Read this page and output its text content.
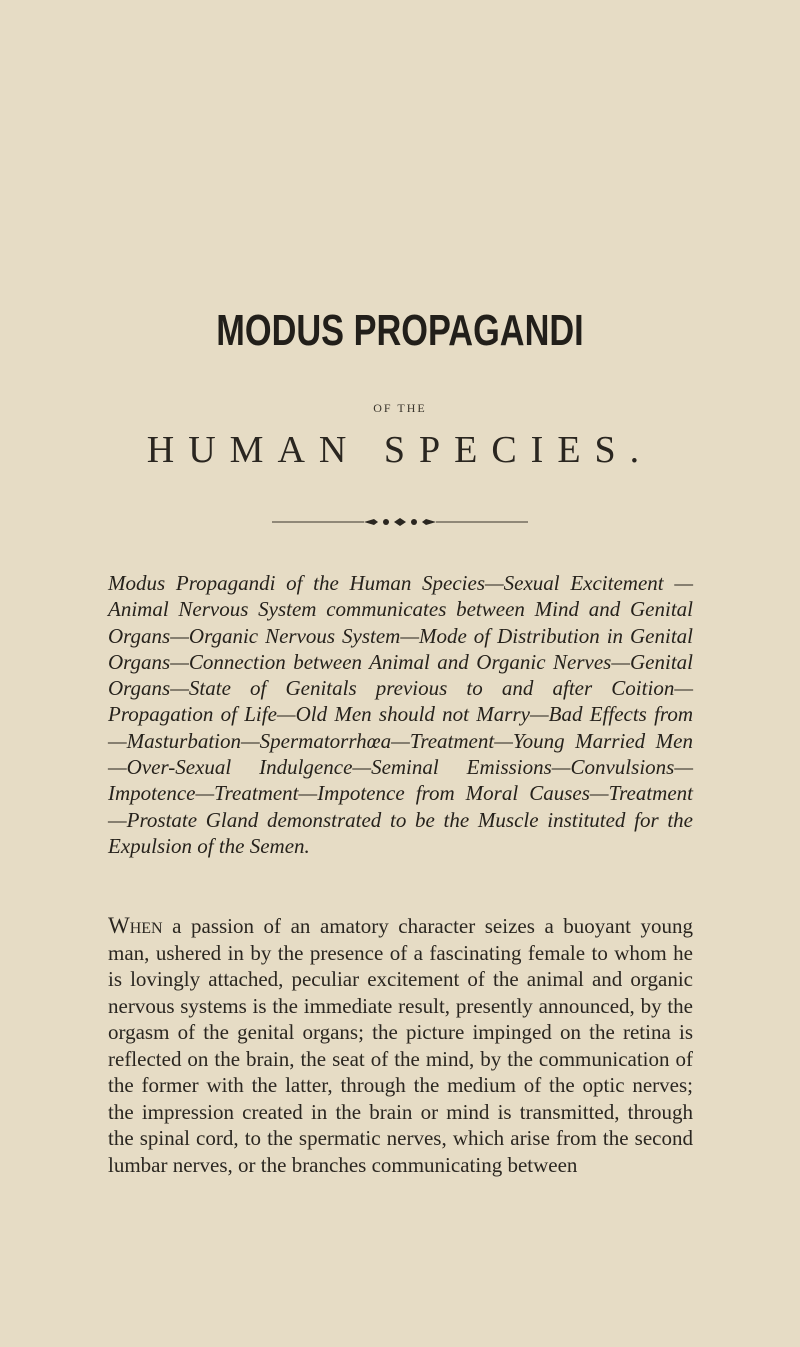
MODUS PROPAGANDI
OF THE
HUMAN SPECIES.
Modus Propagandi of the Human Species—Sexual Excitement —Animal Nervous System communicates between Mind and Genital Organs—Organic Nervous System—Mode of Distribution in Genital Organs—Connection between Animal and Organic Nerves—Genital Organs—State of Genitals previous to and after Coition—Propagation of Life—Old Men should not Marry—Bad Effects from—Masturbation—Spermatorrhœa—Treatment—Young Married Men—Over-Sexual Indulgence—Seminal Emissions—Convulsions—Impotence—Treatment—Impotence from Moral Causes—Treatment—Prostate Gland demonstrated to be the Muscle instituted for the Expulsion of the Semen.
When a passion of an amatory character seizes a buoyant young man, ushered in by the presence of a fascinating female to whom he is lovingly attached, peculiar excitement of the animal and organic nervous systems is the immediate result, presently announced, by the orgasm of the genital organs; the picture impinged on the retina is reflected on the brain, the seat of the mind, by the communication of the former with the latter, through the medium of the optic nerves; the impression created in the brain or mind is transmitted, through the spinal cord, to the spermatic nerves, which arise from the second lumbar nerves, or the branches communicating between
